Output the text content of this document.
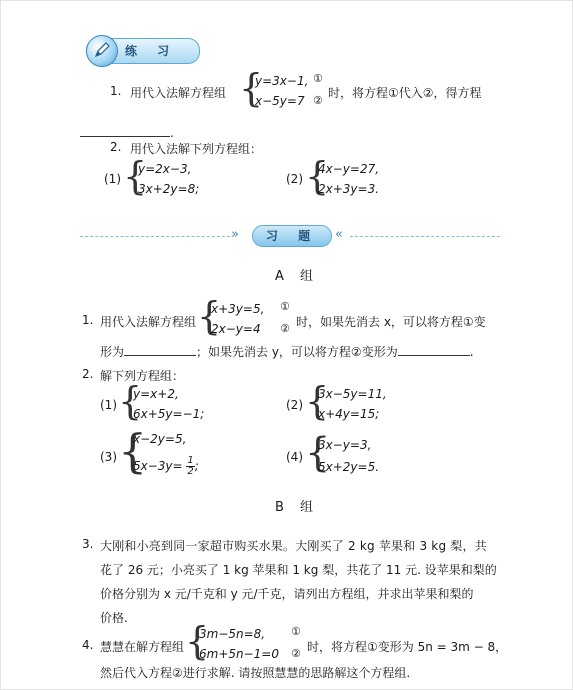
练 习
1. 用代入法解方程组 {
y=3x−1, ①
x−5y=7 ②
时，将方程①代入②，得方程
.
2. 用代入法解下列方程组：
(1) {
y=2x−3,
3x+2y=8;
(2) {
4x−y=27,
2x+3y=3.
»	习 题	«
A 组
1. 用代入法解方程组 {
x+3y=5, ①
2x−y=4 ② 时，如果先消去 x，可以将方程①变
形为	；如果先消去 y，可以将方程②变形为	.
2. 解下列方程组：
(1) {
y=x+2,
6x+5y=−1;
(2) {
3x−5y=11,
x+4y=15;
(3) {
x−2y=5,
$5x-3y= \frac{1}{2}$ ;
(4) {
3x−y=3,
5x+2y=5.
B 组
3. 大刚和小亮到同一家超市购买水果。大刚买了 2 kg 苹果和 3 kg 梨，共
花了 26 元；小亮买了 1 kg 苹果和 1 kg 梨，共花了 11 元. 设苹果和梨的
价格分别为 x 元/千克和 y 元/千克，请列出方程组，并求出苹果和梨的
价格.
4. 慧慧在解方程组 {
3m−5n=8, ①
6m+5n−1=0 ② 时，将方程①变形为 5n = 3m − 8，
然后代入方程②进行求解. 请按照慧慧的思路解这个方程组.
